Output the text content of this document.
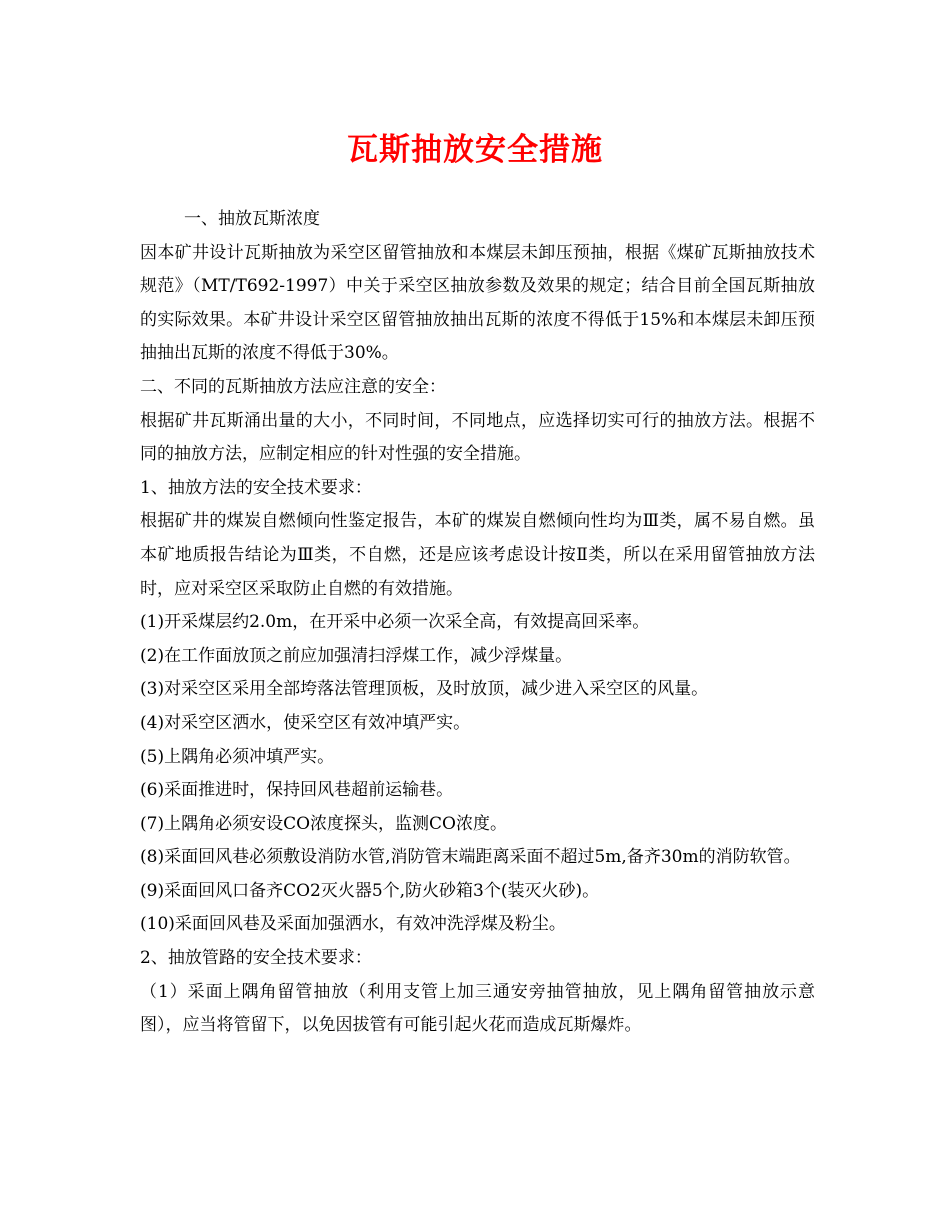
瓦斯抽放安全措施

一、抽放瓦斯浓度

因本矿井设计瓦斯抽放为采空区留管抽放和本煤层未卸压预抽，根据《煤矿瓦斯抽放技术规范》（MT/T692-1997）中关于采空区抽放参数及效果的规定；结合目前全国瓦斯抽放的实际效果。本矿井设计采空区留管抽放抽出瓦斯的浓度不得低于15%和本煤层未卸压预抽抽出瓦斯的浓度不得低于30%。

二、不同的瓦斯抽放方法应注意的安全：

根据矿井瓦斯涌出量的大小，不同时间，不同地点，应选择切实可行的抽放方法。根据不同的抽放方法，应制定相应的针对性强的安全措施。

1、抽放方法的安全技术要求：

根据矿井的煤炭自燃倾向性鉴定报告，本矿的煤炭自燃倾向性均为Ⅲ类，属不易自燃。虽本矿地质报告结论为Ⅲ类，不自燃，还是应该考虑设计按Ⅱ类，所以在采用留管抽放方法时，应对采空区采取防止自燃的有效措施。

(1)开采煤层约2.0m，在开采中必须一次采全高，有效提高回采率。

(2)在工作面放顶之前应加强清扫浮煤工作，减少浮煤量。

(3)对采空区采用全部垮落法管理顶板，及时放顶，减少进入采空区的风量。

(4)对采空区洒水，使采空区有效冲填严实。

(5)上隅角必须冲填严实。

(6)采面推进时，保持回风巷超前运输巷。

(7)上隅角必须安设CO浓度探头，监测CO浓度。

(8)采面回风巷必须敷设消防水管,消防管末端距离采面不超过5m,备齐30m的消防软管。

(9)采面回风口备齐CO2灭火器5个,防火砂箱3个(装灭火砂)。

(10)采面回风巷及采面加强洒水，有效冲洗浮煤及粉尘。

2、抽放管路的安全技术要求：

（1）采面上隅角留管抽放（利用支管上加三通安旁抽管抽放，见上隅角留管抽放示意图），应当将管留下，以免因拔管有可能引起火花而造成瓦斯爆炸。
